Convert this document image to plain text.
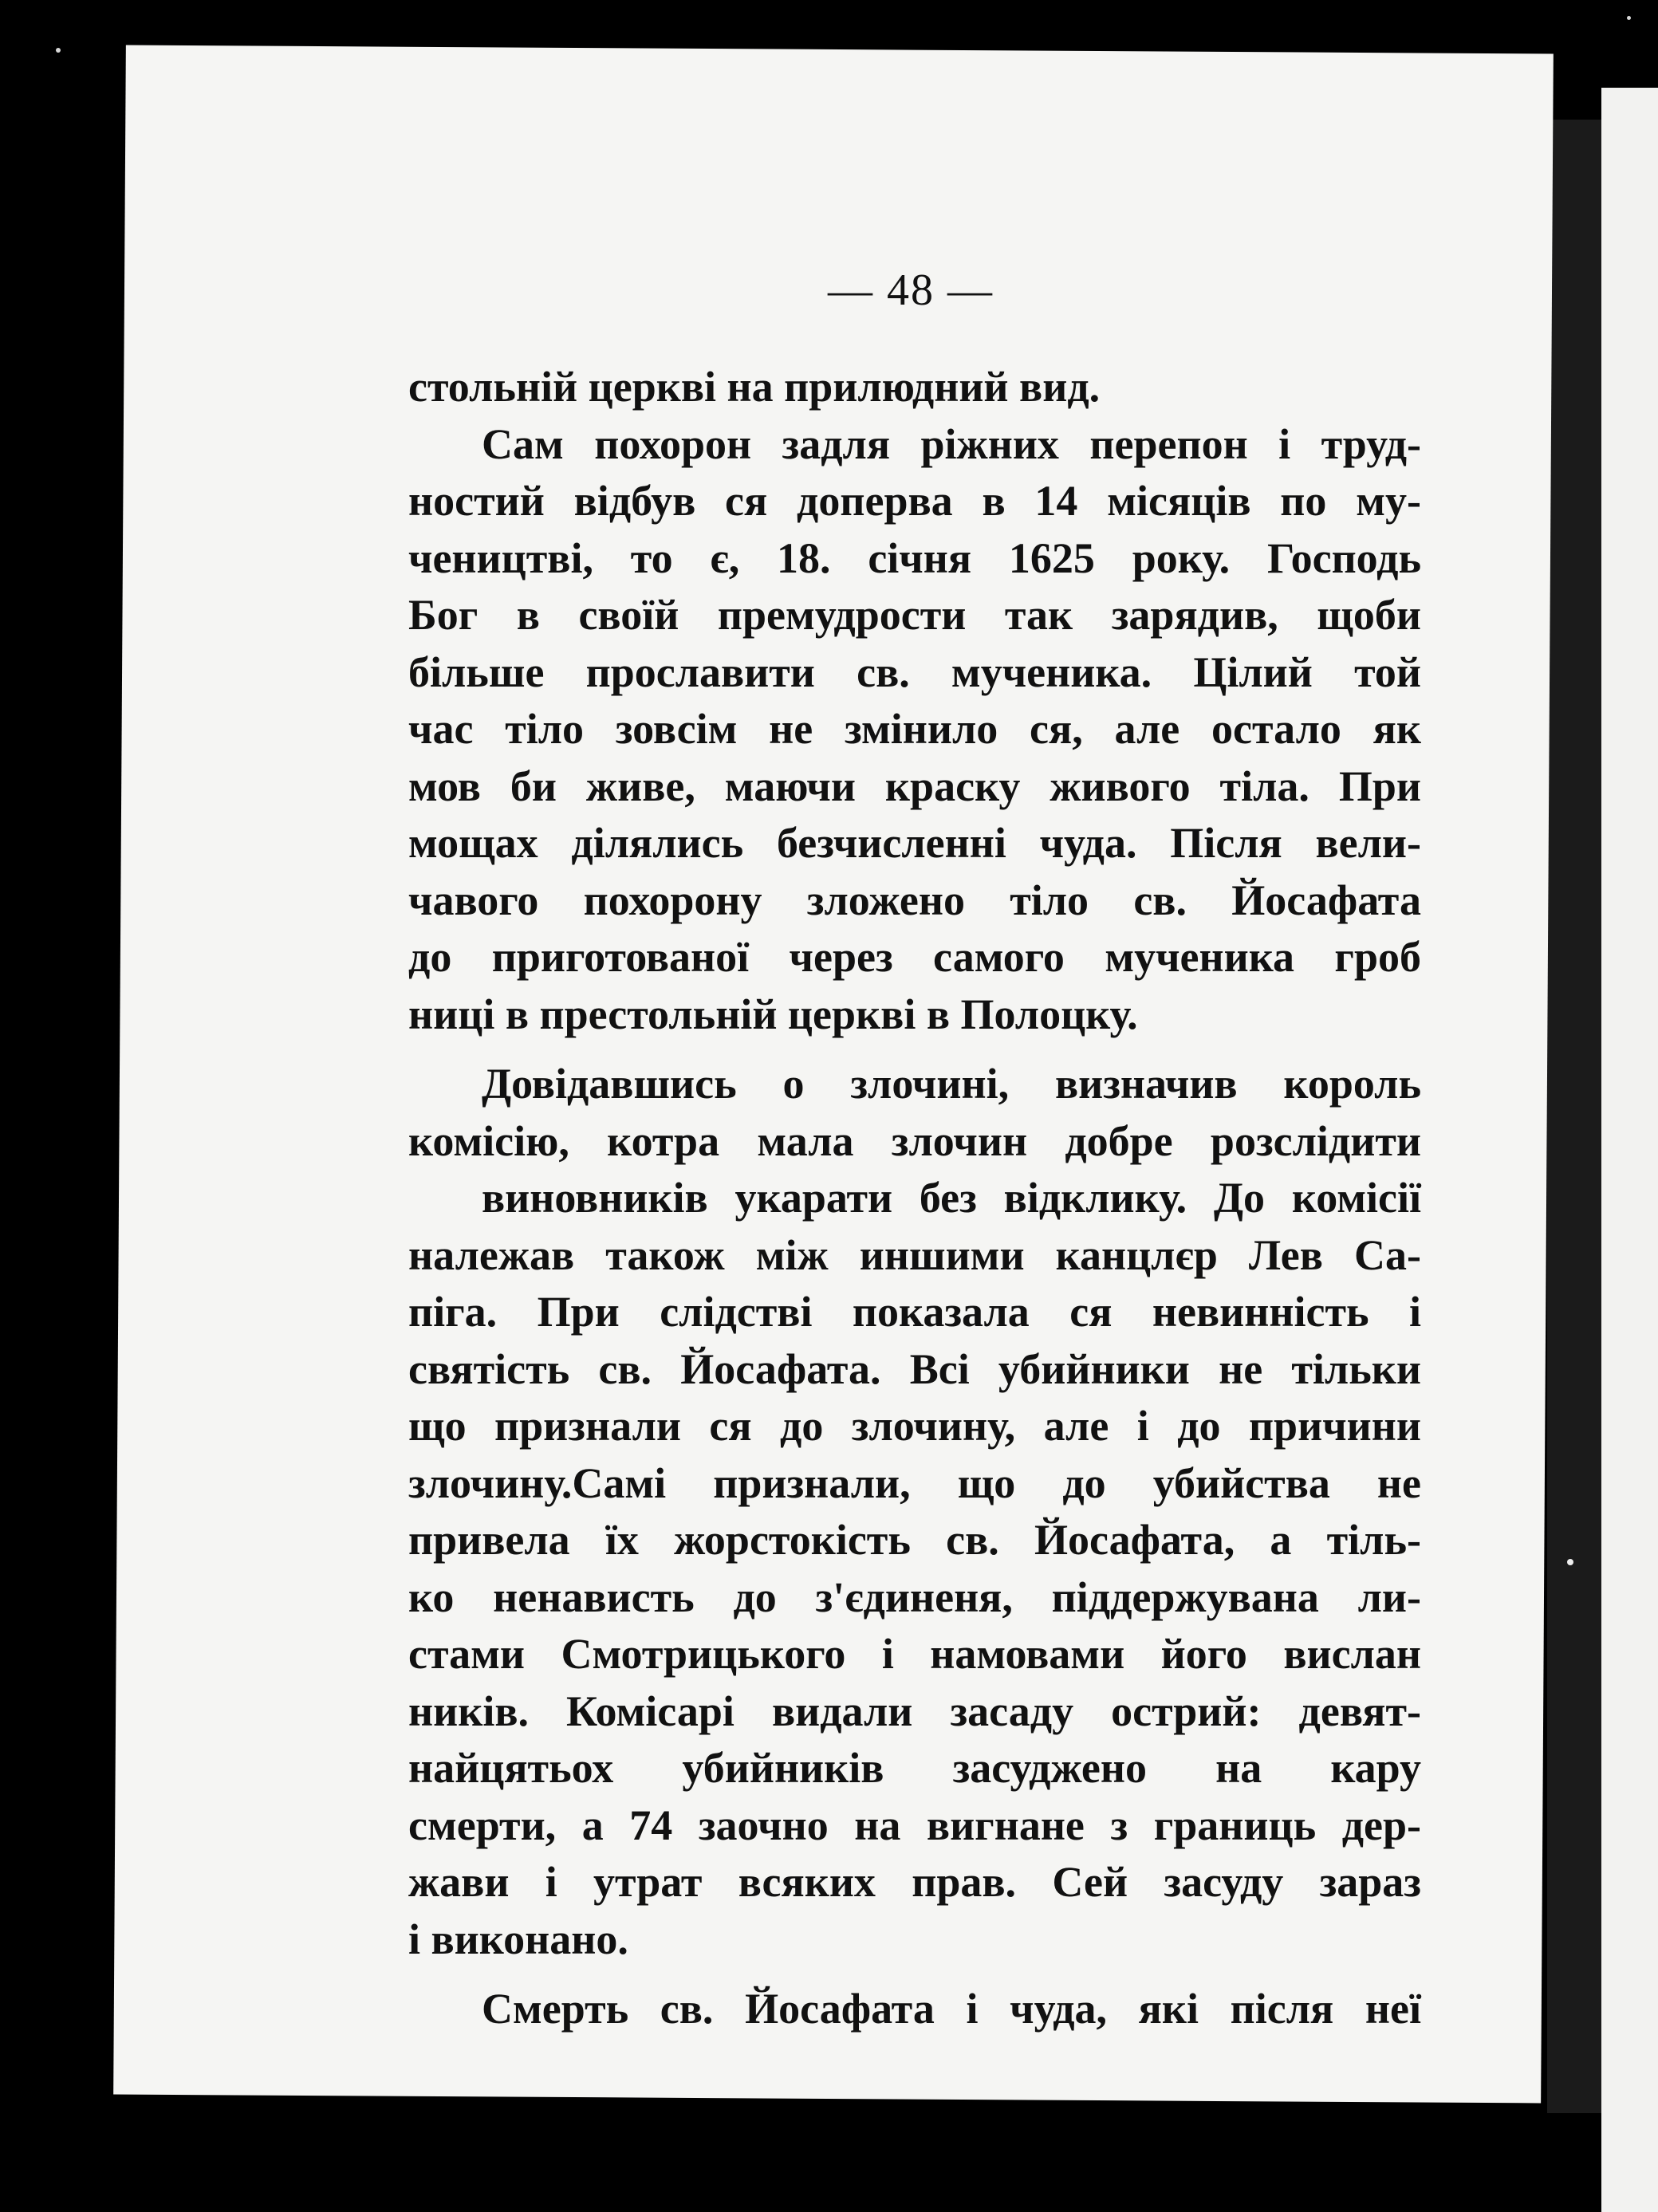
— 48 —
стольній церкві на прилюдний вид.
Сам похорон задля ріжних перепон і труд-
ностий відбув ся доперва в 14 місяців по му-
чеництві, то є, 18. січня 1625 року. Господь
Бог в своїй премудрости так зарядив, щоби
більше прославити св. мученика. Цілий той
час тіло зовсім не змінило ся, але остало як
мов би живе, маючи краску живого тіла. При
мощах ділялись безчисленні чуда. Після вели-
чавого похорону зложено тіло св. Йосафата
до приготованої через самого мученика гроб
ниці в престольній церкві в Полоцку.
Довідавшись о злочині, визначив король
комісію, котра мала злочин добре розслідити
виновників укарати без відклику. До комісії
належав також між иншими канцлєр Лев Са-
піга. При слідстві показала ся невинність і
святість св. Йосафата. Всі убийники не тільки
що признали ся до злочину, але і до причини
злочину.Самі признали, що до убийства не
привела їх жорстокість св. Йосафата, а тіль-
ко ненависть до з'єдиненя, піддержувана ли-
стами Смотрицького і намовами його вислан
ників. Комісарі видали засаду острий: девят-
найцятьох убийників засуджено на кару
смерти, а 74 заочно на вигнане з границь дер-
жави і утрат всяких прав. Сей засуду зараз
і виконано.
Смерть св. Йосафата і чуда, які після неї
